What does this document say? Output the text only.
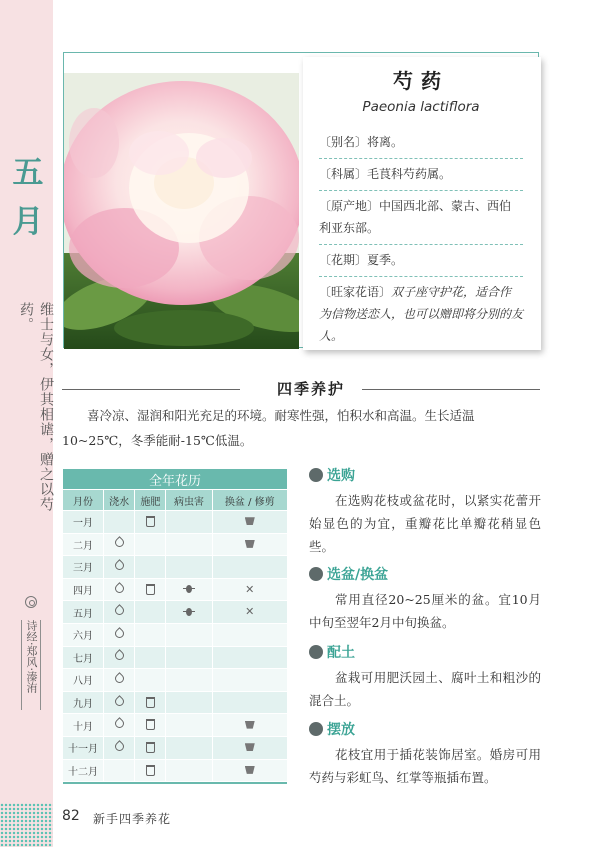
五
月
维士与女，伊其相谑，赠之以芍药。
诗经·郑风·溱洧
芍药
Paeonia lactiflora
〔别名〕将离。
〔科属〕毛茛科芍药属。
〔原产地〕中国西北部、蒙古、西伯利亚东部。
〔花期〕夏季。
〔旺家花语〕双子座守护花，适合作为信物送恋人，也可以赠即将分别的友人。
四季养护
喜冷凉、湿润和阳光充足的环境。耐寒性强，怕积水和高温。生长适温10~25℃，冬季能耐-15℃低温。
全年花历				
月份	浇水	施肥	病虫害	换盆 / 修剪
一月				
二月				
三月				
四月				✕
五月				✕
六月				
七月				
八月				
九月				
十月				
十一月				
十二月				

选购
在选购花枝或盆花时，以紧实花蕾开始显色的为宜，重瓣花比单瓣花稍显色些。
选盆/换盆
常用直径20~25厘米的盆。宜10月中旬至翌年2月中旬换盆。
配土
盆栽可用肥沃园土、腐叶土和粗沙的混合土。
摆放
花枝宜用于插花装饰居室。婚房可用芍药与彩虹鸟、红掌等瓶插布置。
82 新手四季养花
